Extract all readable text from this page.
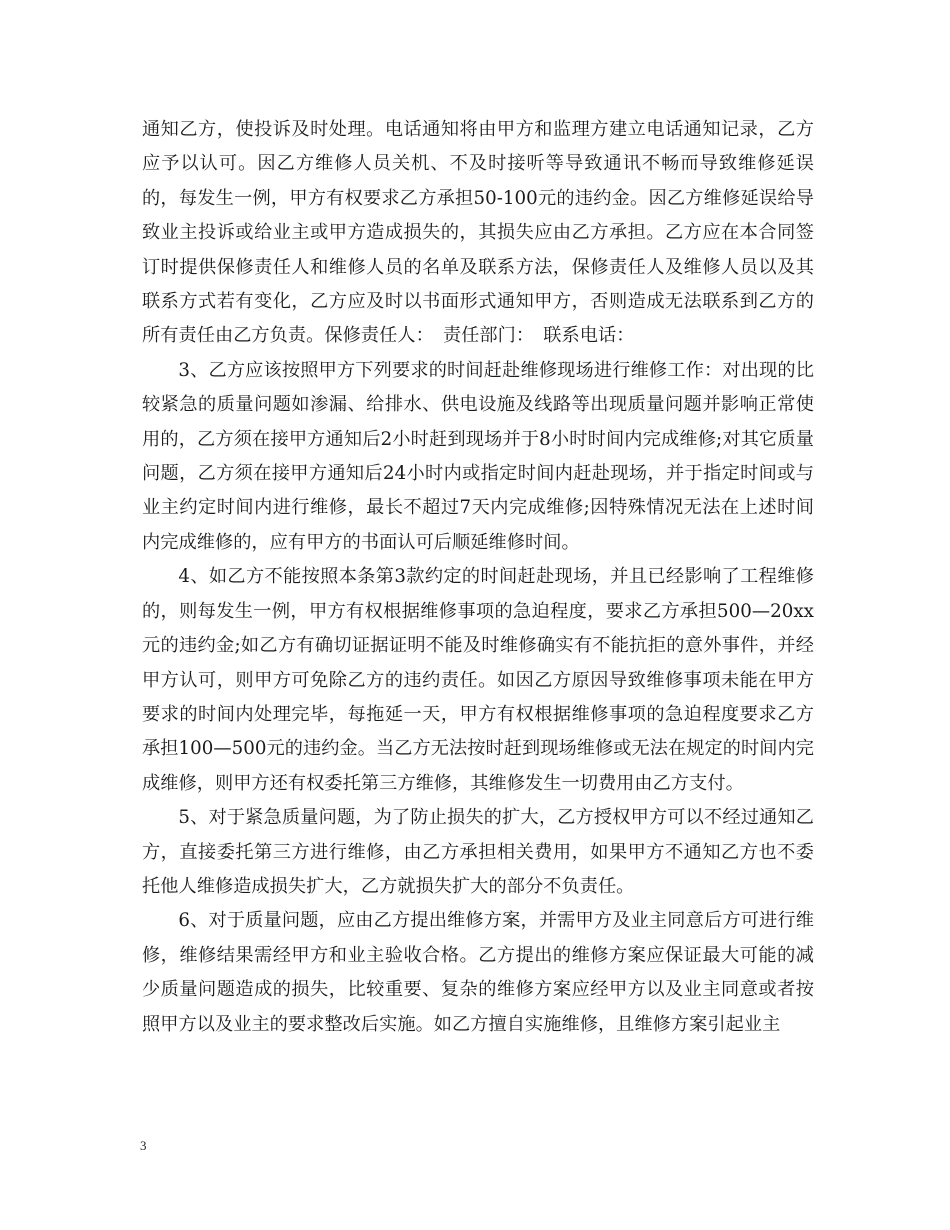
通知乙方，使投诉及时处理。电话通知将由甲方和监理方建立电话通知记录，乙方应予以认可。因乙方维修人员关机、不及时接听等导致通讯不畅而导致维修延误的，每发生一例，甲方有权要求乙方承担50-100元的违约金。因乙方维修延误给导致业主投诉或给业主或甲方造成损失的，其损失应由乙方承担。乙方应在本合同签订时提供保修责任人和维修人员的名单及联系方法，保修责任人及维修人员以及其联系方式若有变化，乙方应及时以书面形式通知甲方，否则造成无法联系到乙方的所有责任由乙方负责。保修责任人：　责任部门：　联系电话：

3、乙方应该按照甲方下列要求的时间赶赴维修现场进行维修工作：对出现的比较紧急的质量问题如渗漏、给排水、供电设施及线路等出现质量问题并影响正常使用的，乙方须在接甲方通知后2小时赶到现场并于8小时时间内完成维修;对其它质量问题，乙方须在接甲方通知后24小时内或指定时间内赶赴现场，并于指定时间或与业主约定时间内进行维修，最长不超过7天内完成维修;因特殊情况无法在上述时间内完成维修的，应有甲方的书面认可后顺延维修时间。

4、如乙方不能按照本条第3款约定的时间赶赴现场，并且已经影响了工程维修的，则每发生一例，甲方有权根据维修事项的急迫程度，要求乙方承担500—20xx元的违约金;如乙方有确切证据证明不能及时维修确实有不能抗拒的意外事件，并经甲方认可，则甲方可免除乙方的违约责任。如因乙方原因导致维修事项未能在甲方要求的时间内处理完毕，每拖延一天，甲方有权根据维修事项的急迫程度要求乙方承担100—500元的违约金。当乙方无法按时赶到现场维修或无法在规定的时间内完成维修，则甲方还有权委托第三方维修，其维修发生一切费用由乙方支付。

5、对于紧急质量问题，为了防止损失的扩大，乙方授权甲方可以不经过通知乙方，直接委托第三方进行维修，由乙方承担相关费用，如果甲方不通知乙方也不委托他人维修造成损失扩大，乙方就损失扩大的部分不负责任。

6、对于质量问题，应由乙方提出维修方案，并需甲方及业主同意后方可进行维修，维修结果需经甲方和业主验收合格。乙方提出的维修方案应保证最大可能的减少质量问题造成的损失，比较重要、复杂的维修方案应经甲方以及业主同意或者按照甲方以及业主的要求整改后实施。如乙方擅自实施维修，且维修方案引起业主

3
